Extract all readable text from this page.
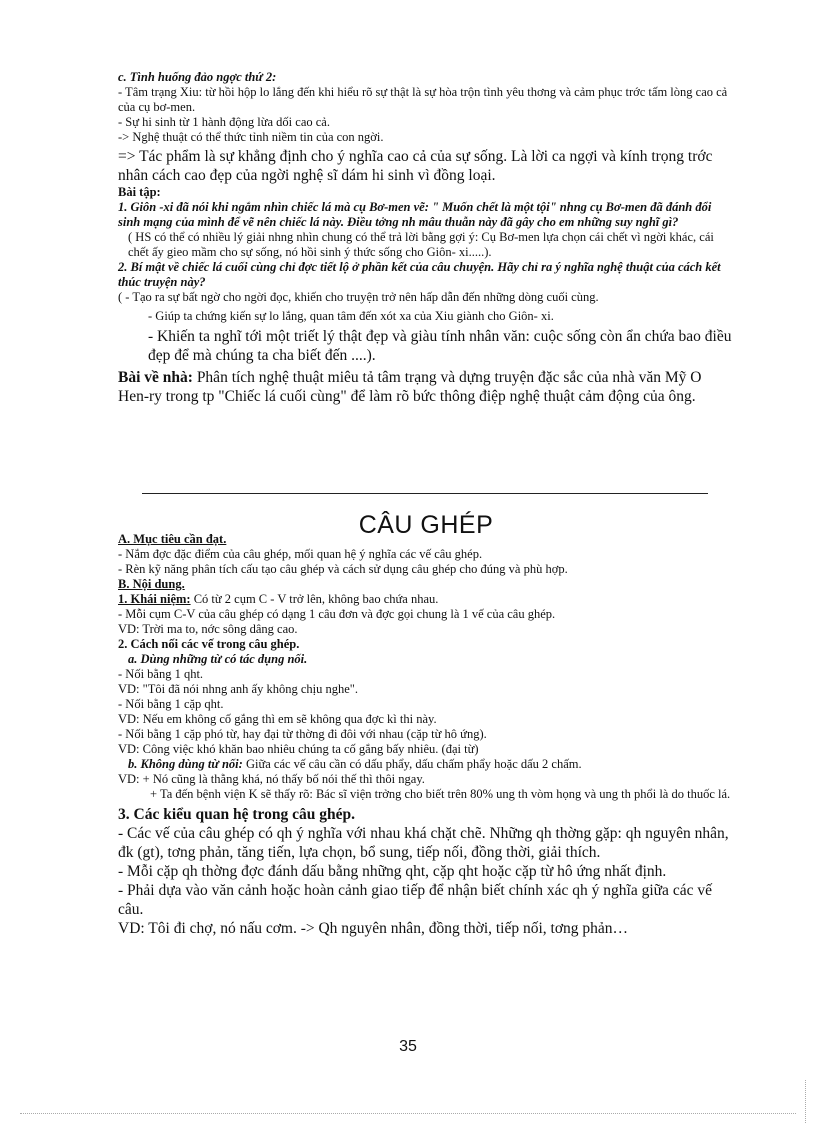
c. Tình huống đảo ngợc thứ 2:

- Tâm trạng Xiu: từ hồi hộp lo lắng đến khi hiểu rõ sự thật là sự hòa trộn tình yêu thơng và cảm phục trớc tấm lòng cao cả của cụ bơ-men.

- Sự hi sinh từ 1 hành động lừa dối cao cả.

-> Nghệ thuật có thể thức tỉnh niềm tin của con ngời.

=> Tác phẩm là sự khẳng định cho ý nghĩa cao cả của sự sống. Là lời ca ngợi và kính trọng trớc nhân cách cao đẹp của ngời nghệ sĩ dám hi sinh vì đồng loại.

Bài tập:

1. Giôn -xi đã nói khi ngắm nhìn chiếc lá mà cụ Bơ-men vẽ: " Muốn chết là một tội" nhng cụ Bơ-men đã đánh đổi sinh mạng của mình để vẽ nên chiếc lá này. Điều tởng nh mâu thuẫn này đã gây cho em những suy nghĩ gì?

( HS có thể có nhiều lý giải nhng nhìn chung có thể trả lời bằng gợi ý: Cụ Bơ-men lựa chọn cái chết vì ngời khác, cái chết ấy gieo mầm cho sự sống, nó hồi sinh ý thức sống cho Giôn- xi.....).

2. Bí mật về chiếc lá cuối cùng chỉ đợc tiết lộ ở phần kết của câu chuyện. Hãy chỉ ra ý nghĩa nghệ thuật của cách kết thúc truyện này?

( - Tạo ra sự bất ngờ cho ngời đọc, khiến cho truyện trở nên hấp dẫn đến những dòng cuối cùng.

- Giúp ta chứng kiến sự lo lắng, quan tâm đến xót xa của Xiu giành cho Giôn- xi.

- Khiến ta nghĩ tới một triết lý thật đẹp và giàu tính nhân văn: cuộc sống còn ẩn chứa bao điều đẹp để mà chúng ta cha biết đến ....).

Bài về nhà: Phân tích nghệ thuật miêu tả tâm trạng và dựng truyện đặc sắc của nhà văn Mỹ O Hen-ry trong tp "Chiếc lá cuối cùng" để làm rõ bức thông điệp nghệ thuật cảm động của ông.

CÂU GHÉP

A. Mục tiêu cần đạt.

- Nắm đợc đặc điểm của câu ghép, mối quan hệ ý nghĩa các vế câu ghép.

- Rèn kỹ năng phân tích cấu tạo câu ghép và cách sử dụng câu ghép cho đúng và phù hợp.

B. Nội dung.

1. Khái niệm: Có từ 2 cụm C - V trở lên, không bao chứa nhau.

- Mỗi cụm C-V của câu ghép có dạng 1 câu đơn và đợc gọi chung là 1 vế của câu ghép.

VD: Trời ma to, nớc sông dâng cao.

2. Cách nối các vế trong câu ghép.

a. Dùng những từ có tác dụng nối.

- Nối bằng 1 qht.

VD: "Tôi đã nói nhng anh ấy không chịu nghe".

- Nối bằng 1 cặp qht.

VD: Nếu em không cố gắng thì em sẽ không qua đợc kì thi này.

- Nối bằng 1 cặp phó từ, hay đại từ thờng đi đôi với nhau (cặp từ hô ứng).

VD: Công việc khó khăn bao nhiêu chúng ta cố gắng bấy nhiêu. (đại từ)

b. Không dùng từ nối: Giữa các vế câu cần có dấu phẩy, dấu chấm phẩy hoặc dấu 2 chấm.

VD: + Nó cũng là thằng khá, nó thấy bố nói thế thì thôi ngay.

+ Ta đến bệnh viện K sẽ thấy rõ: Bác sĩ viện trởng cho biết trên 80% ung th vòm họng và ung th phổi là do thuốc lá.

3. Các kiểu quan hệ trong câu ghép.

- Các vế của câu ghép có qh ý nghĩa với nhau khá chặt chẽ. Những qh thờng gặp: qh nguyên nhân, đk (gt), tơng phản, tăng tiến, lựa chọn, bổ sung, tiếp nối, đồng thời, giải thích.

- Mỗi cặp qh thờng đợc đánh dấu bằng những qht, cặp qht hoặc cặp từ hô ứng nhất định.

- Phải dựa vào văn cảnh hoặc hoàn cảnh giao tiếp để nhận biết chính xác qh ý nghĩa giữa các vế câu.

VD: Tôi đi chợ, nó nấu cơm. -> Qh nguyên nhân, đồng thời, tiếp nối, tơng phản…

35
